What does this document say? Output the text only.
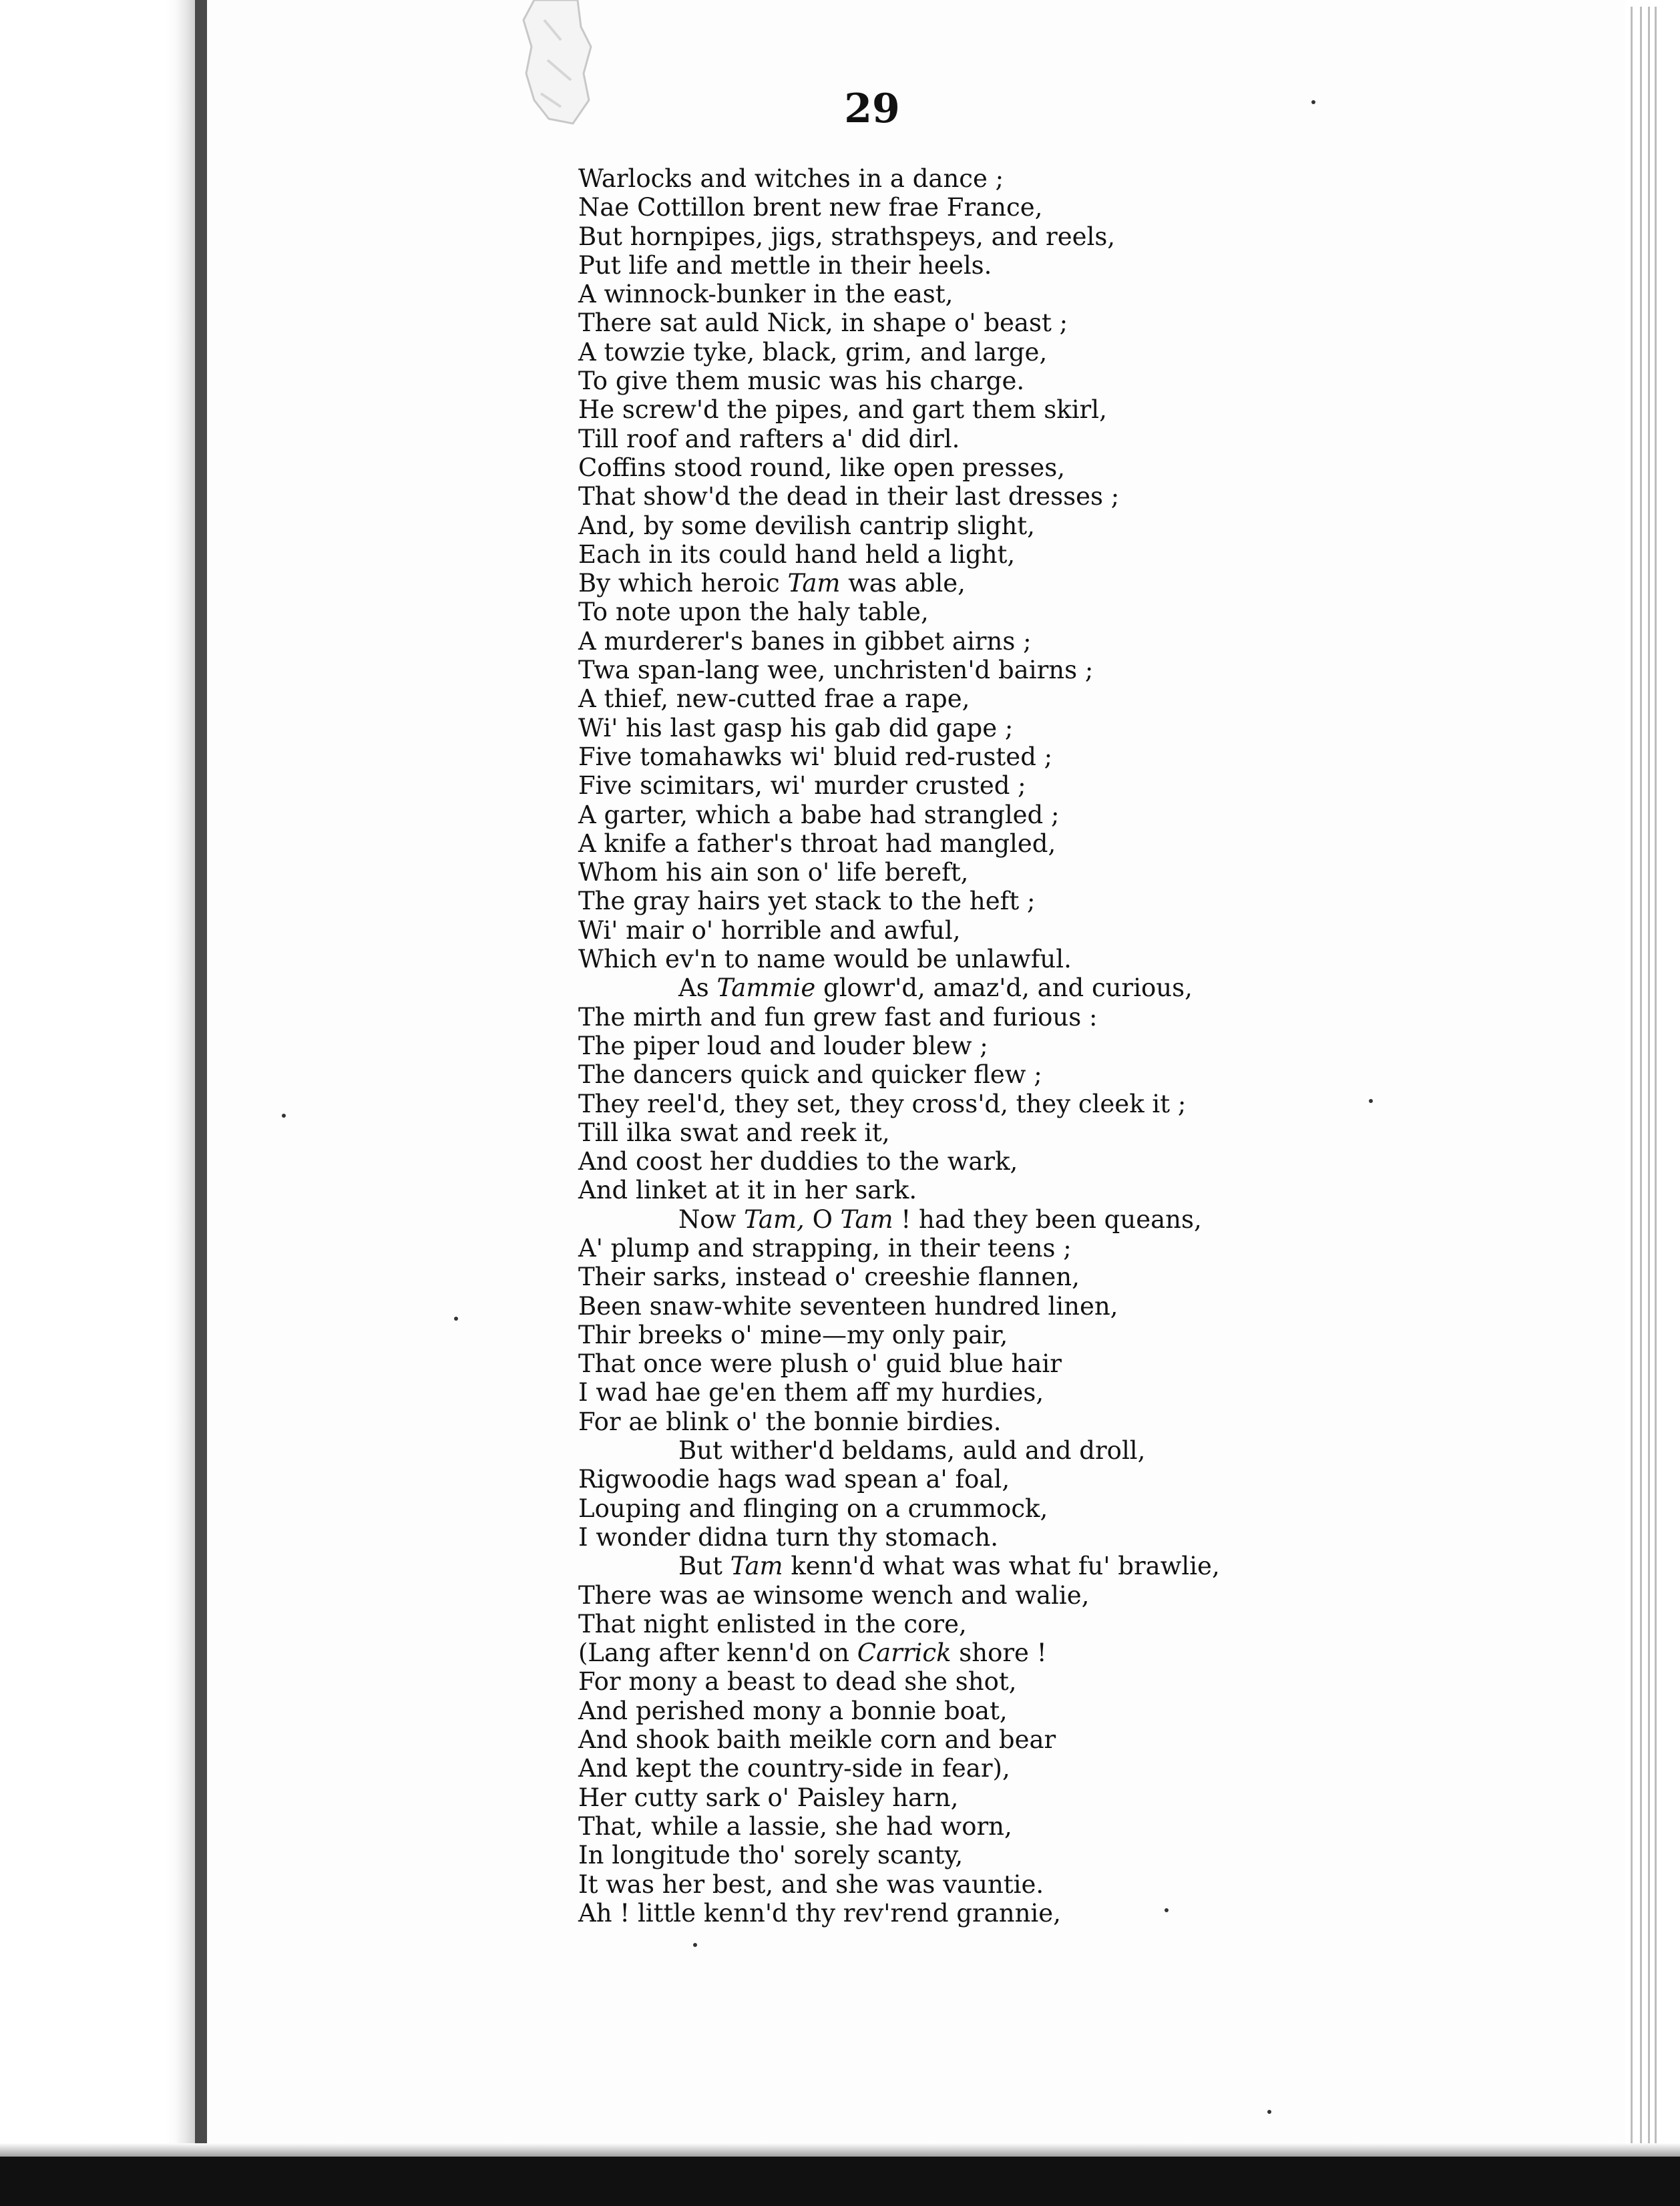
29
Warlocks and witches in a dance ;
Nae Cottillon brent new frae France,
But hornpipes, jigs, strathspeys, and reels,
Put life and mettle in their heels.
A winnock-bunker in the east,
There sat auld Nick, in shape o' beast ;
A towzie tyke, black, grim, and large,
To give them music was his charge.
He screw'd the pipes, and gart them skirl,
Till roof and rafters a' did dirl.
Coffins stood round, like open presses,
That show'd the dead in their last dresses ;
And, by some devilish cantrip slight,
Each in its could hand held a light,
By which heroic Tam was able,
To note upon the haly table,
A murderer's banes in gibbet airns ;
Twa span-lang wee, unchristen'd bairns ;
A thief, new-cutted frae a rape,
Wi' his last gasp his gab did gape ;
Five tomahawks wi' bluid red-rusted ;
Five scimitars, wi' murder crusted ;
A garter, which a babe had strangled ;
A knife a father's throat had mangled,
Whom his ain son o' life bereft,
The gray hairs yet stack to the heft ;
Wi' mair o' horrible and awful,
Which ev'n to name would be unlawful.
As Tammie glowr'd, amaz'd, and curious,
The mirth and fun grew fast and furious :
The piper loud and louder blew ;
The dancers quick and quicker flew ;
They reel'd, they set, they cross'd, they cleek it ;
Till ilka swat and reek it,
And coost her duddies to the wark,
And linket at it in her sark.
Now Tam, O Tam ! had they been queans,
A' plump and strapping, in their teens ;
Their sarks, instead o' creeshie flannen,
Been snaw-white seventeen hundred linen,
Thir breeks o' mine—my only pair,
That once were plush o' guid blue hair
I wad hae ge'en them aff my hurdies,
For ae blink o' the bonnie birdies.
But wither'd beldams, auld and droll,
Rigwoodie hags wad spean a' foal,
Louping and flinging on a crummock,
I wonder didna turn thy stomach.
But Tam kenn'd what was what fu' brawlie,
There was ae winsome wench and walie,
That night enlisted in the core,
(Lang after kenn'd on Carrick shore !
For mony a beast to dead she shot,
And perished mony a bonnie boat,
And shook baith meikle corn and bear
And kept the country-side in fear),
Her cutty sark o' Paisley harn,
That, while a lassie, she had worn,
In longitude tho' sorely scanty,
It was her best, and she was vauntie.
Ah ! little kenn'd thy rev'rend grannie,
